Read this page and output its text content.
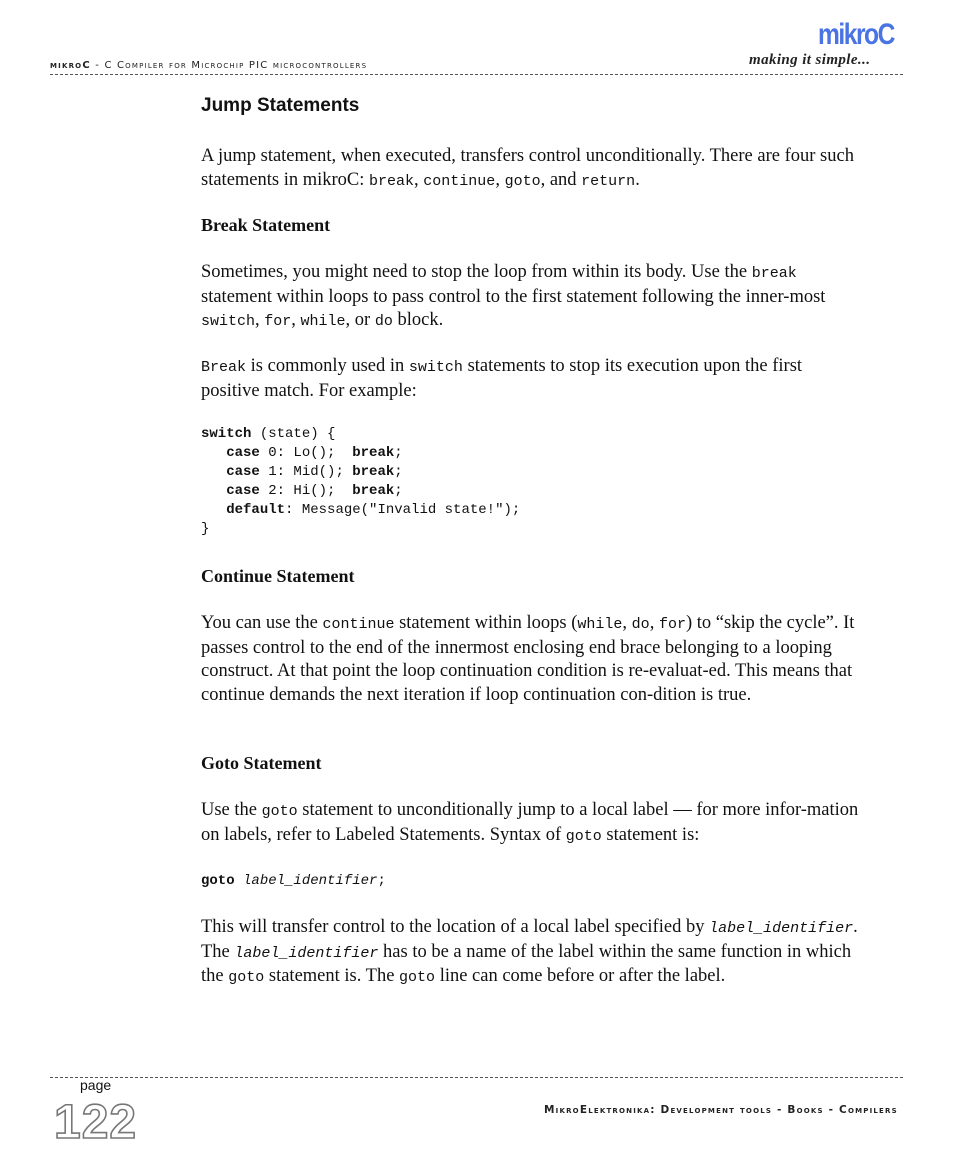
mikroC
making it simple...
mikroC - C Compiler for Microchip PIC microcontrollers
Jump Statements

A jump statement, when executed, transfers control unconditionally. There are four such statements in mikroC: break, continue, goto, and return.

Break Statement

Sometimes, you might need to stop the loop from within its body. Use the break statement within loops to pass control to the first statement following the inner-most switch, for, while, or do block.

Break is commonly used in switch statements to stop its execution upon the first positive match. For example:

switch (state) {
case 0: Lo();  break;
case 1: Mid(); break;
case 2: Hi();  break;
default: Message("Invalid state!");
}
Continue Statement

You can use the continue statement within loops (while, do, for) to “skip the cycle”. It passes control to the end of the innermost enclosing end brace belonging to a looping construct. At that point the loop continuation condition is re-evaluat-ed. This means that continue demands the next iteration if loop continuation con-dition is true.

Goto Statement

Use the goto statement to unconditionally jump to a local label — for more infor-mation on labels, refer to Labeled Statements. Syntax of goto statement is:

goto label_identifier;

This will transfer control to the location of a local label specified by label_identifier. The label_identifier has to be a name of the label within the same function in which the goto statement is. The goto line can come before or after the label.

page
122	MikroElektronika: Development tools - Books - Compilers
